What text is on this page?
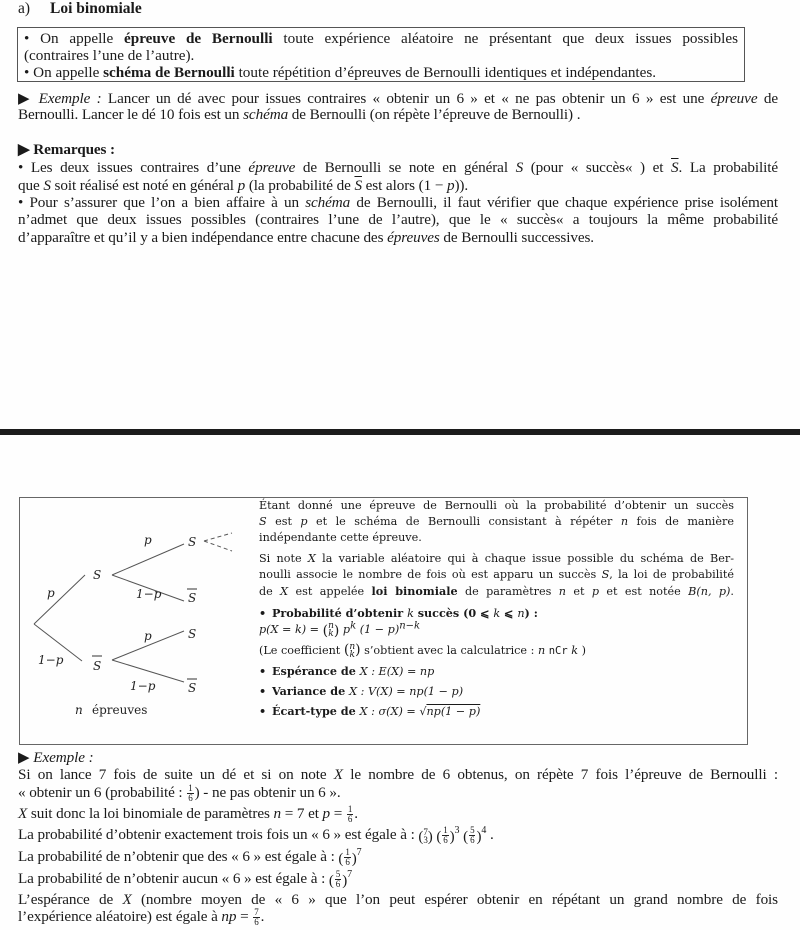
a) Loi binomiale
• On appelle épreuve de Bernoulli toute expérience aléatoire ne présentant que deux issues possibles
(contraires l’une de l’autre).
• On appelle schéma de Bernoulli toute répétition d’épreuves de Bernoulli identiques et indépendantes.
▶ Exemple : Lancer un dé avec pour issues contraires « obtenir un 6 » et « ne pas obtenir un 6 » est une épreuve de
Bernoulli. Lancer le dé 10 fois est un schéma de Bernoulli (on répète l’épreuve de Bernoulli) .
▶ Remarques :
• Les deux issues contraires d’une épreuve de Bernoulli se note en général S (pour « succès« ) et $\overline{S}$. La probabilité
que S soit réalisé est noté en général p (la probabilité de $\overline{S}$ est alors (1 − p)).
• Pour s’assurer que l’on a bien affaire à un schéma de Bernoulli, il faut vérifier que chaque expérience prise isolément
n’admet que deux issues possibles (contraires l’une de l’autre), que le « succès« a toujours la même probabilité
d’apparaître et qu’il y a bien indépendance entre chacune des épreuves de Bernoulli successives.
p
1−p
S
S
p
1−p
p
1−p
S
S
S
S
n épreuves
Étant donné une épreuve de Bernoulli où la probabilité d’obtenir un succès
S est p et le schéma de Bernoulli consistant à répéter n fois de manière
indépendante cette épreuve.
Si note X la variable aléatoire qui à chaque issue possible du schéma de Ber-
noulli associe le nombre de fois où est apparu un succès S, la loi de probabilité
de X est appelée loi binomiale de paramètres n et p et est notée B(n, p).
• Probabilité d’obtenir k succès (0 ⩽ k ⩽ n) :
p(X = k) = ( n
k ) $p^k$ $(1 - p)^{n-k}$
(Le coefficient ( n
k ) s’obtient avec la calculatrice : n nCr k )
• Espérance de X : E(X) = np
• Variance de X : V(X) = np(1 − p)
• Écart-type de X : σ(X) = √np(1 − p)
▶ Exemple :
Si on lance 7 fois de suite un dé et si on note X le nombre de 6 obtenus, on répète 7 fois l’épreuve de Bernoulli :
« obtenir un 6 (probabilité : $\frac{1}{6}$ ) - ne pas obtenir un 6 ».
X suit donc la loi binomiale de paramètres n = 7 et $p = \frac{1}{6}$ .
La probabilité d’obtenir exactement trois fois un « 6 » est égale à : ( 7
3 ) ( $\frac{1}{6} )^3$ ( $\frac{5}{6} )^4$ .
La probabilité de n’obtenir que des « 6 » est égale à : ( $\frac{1}{6} )^7$
La probabilité de n’obtenir aucun « 6 » est égale à : ( $\frac{5}{6} )^7$
L’espérance de X (nombre moyen de « 6 » que l’on peut espérer obtenir en répétant un grand nombre de fois
l’expérience aléatoire) est égale à np = $\frac{7}{6}$ .
